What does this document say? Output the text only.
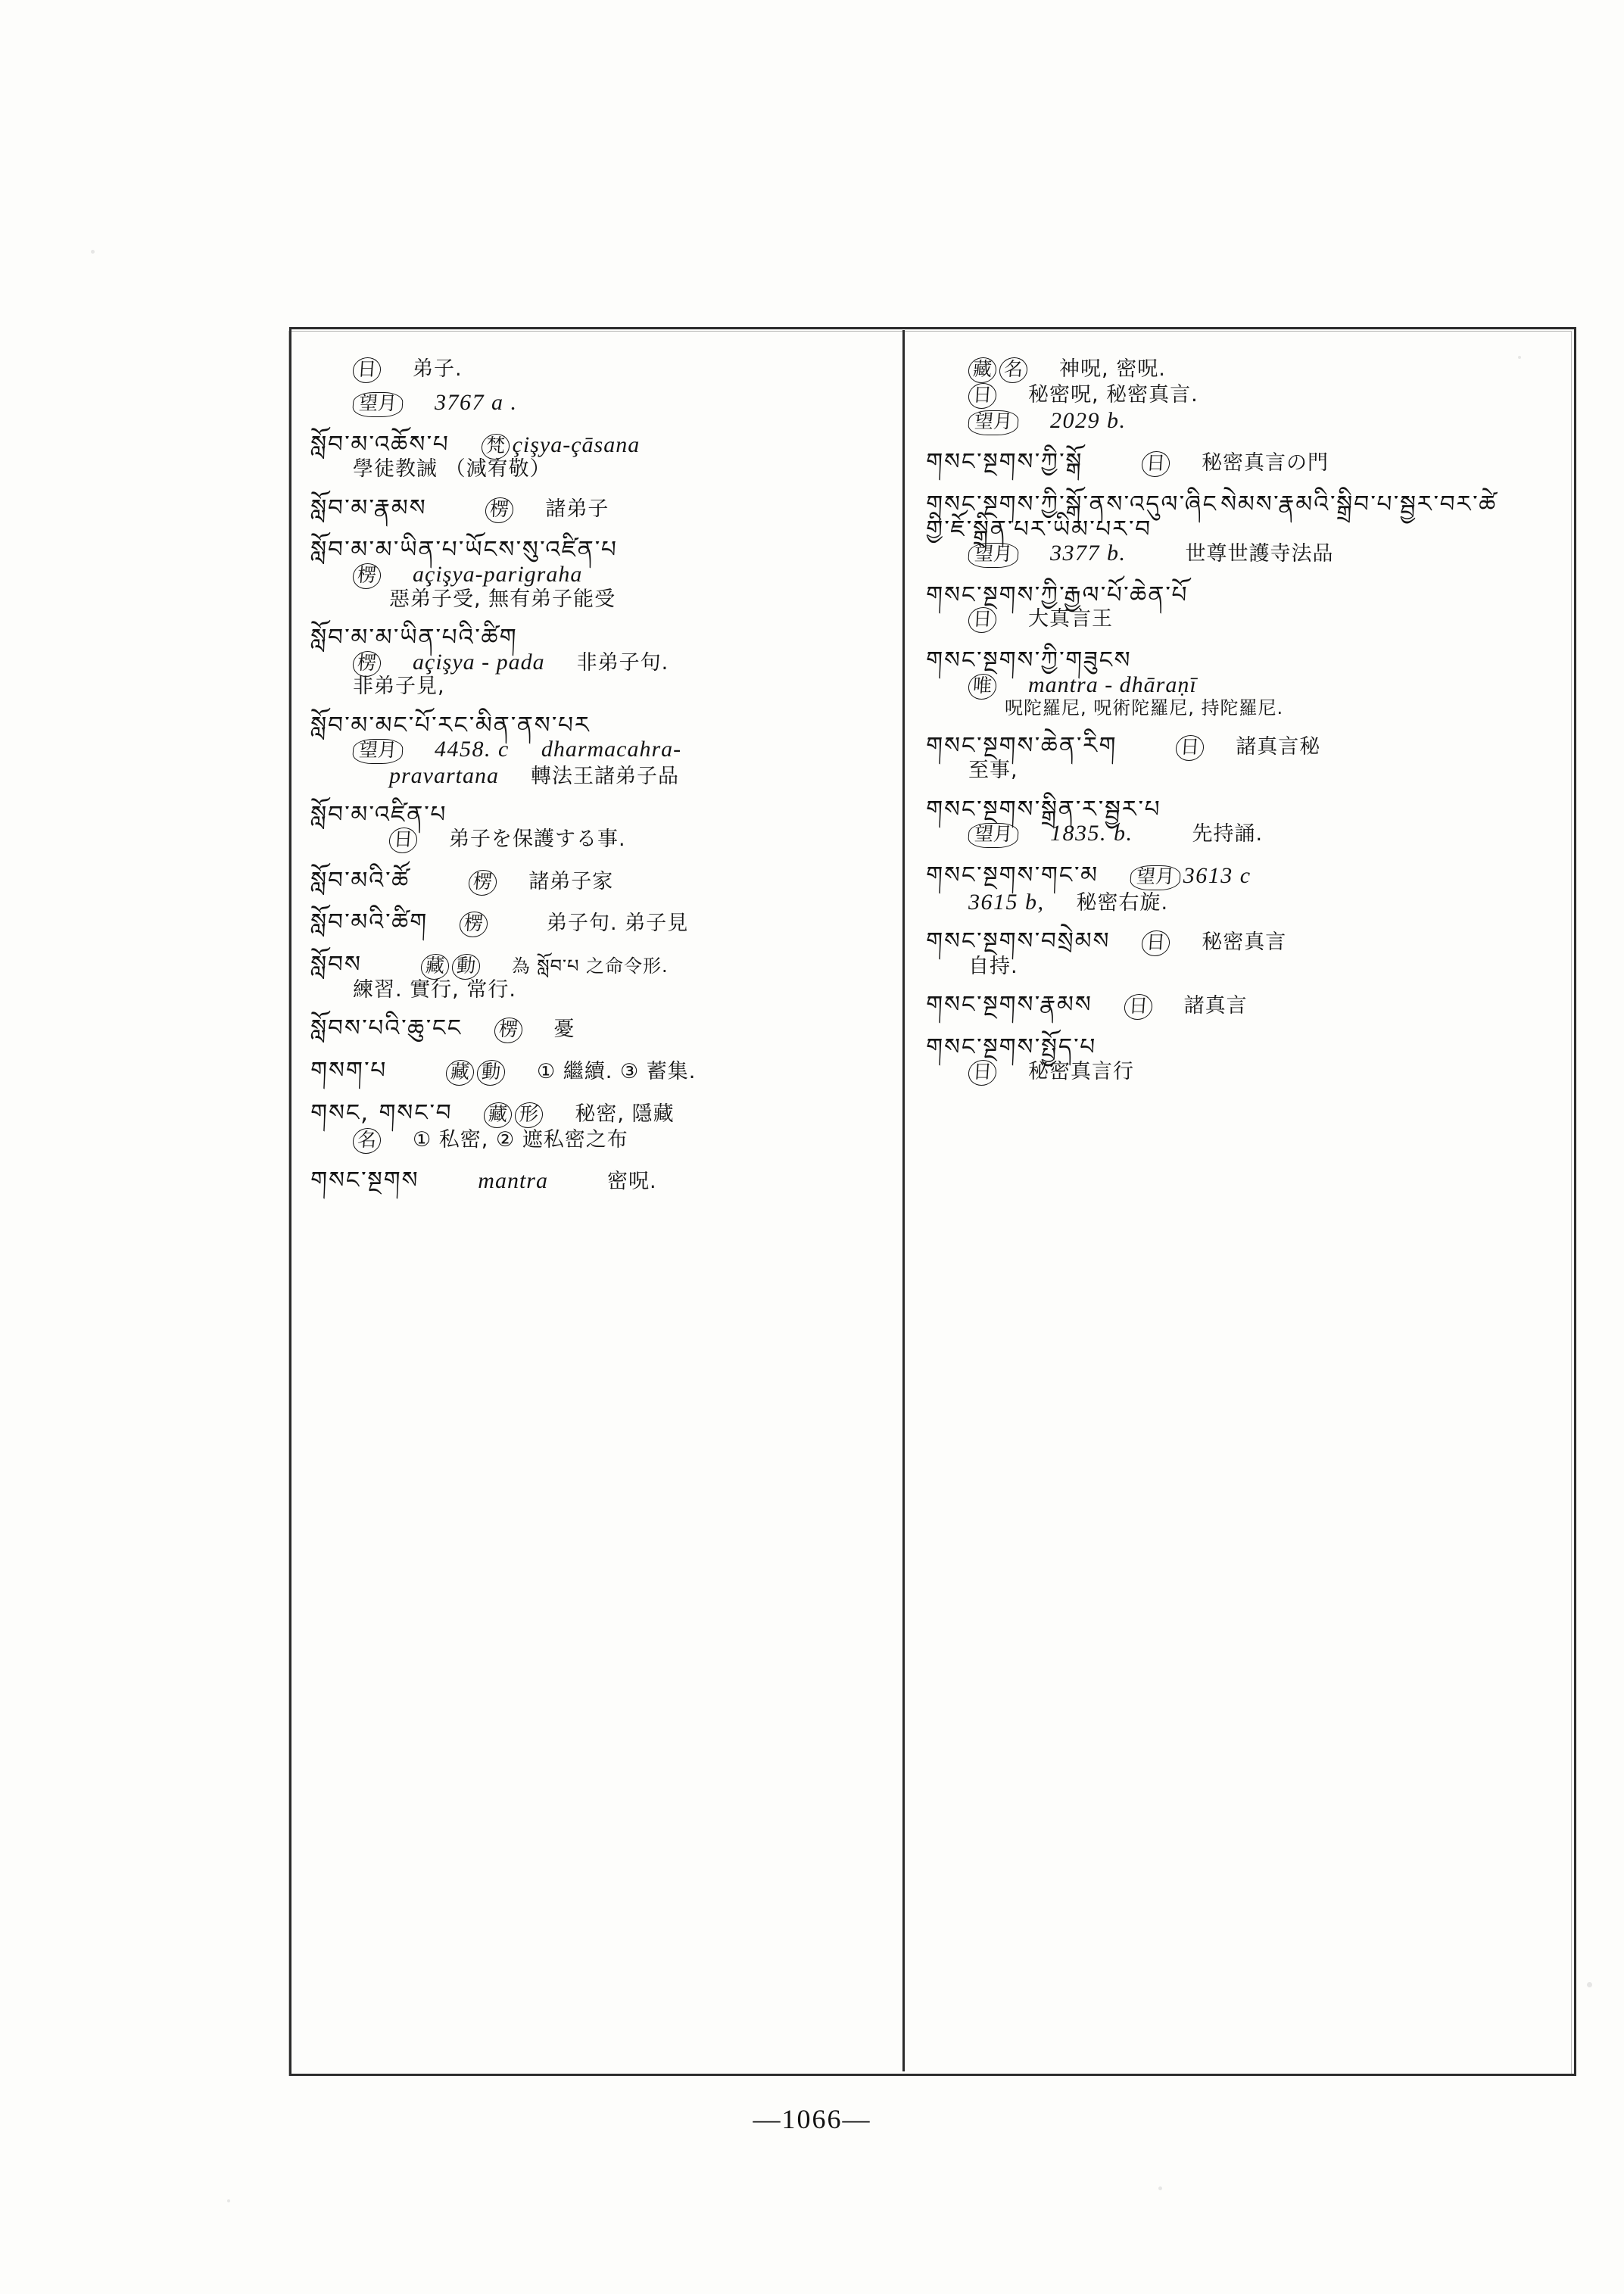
日 弟子.
望月 3767 a .
སློབ་མ་འཆོས་པ 梵 çişya-çāsana
學徒教誡 （減宥敬）
སློབ་མ་རྣམས	楞 諸弟子
སློབ་མ་མ་ཡིན་པ་ཡོངས་སུ་འཛིན་པ
楞 açişya-parigraha
惡弟子受, 無有弟子能受
སློབ་མ་མ་ཡིན་པའི་ཚིག
楞 açişya - pada 非弟子句.
非弟子見,
སློབ་མ་མང་པོ་རང་མིན་ནས་པར
望月 4458. c dharmacahra-
pravartana 轉法王諸弟子品
སློབ་མ་འཛིན་པ
日 弟子を保護する事.
སློབ་མའི་ཚོ	楞 諸弟子家
སློབ་མའི་ཚིག 楞	弟子句. 弟子見
སློབས	藏 動 為 སློབ་པ 之命令形.
練習. 實行, 常行.
སློབས་པའི་ཆུ་ངང 楞 憂
གསག་པ	藏 動 ① 繼續. ③ 蓄集.
གསང, གསང་བ 藏 形 秘密, 隱藏
名 ① 私密, ② 遮私密之布
གསང་སྔགས	mantra	密呪.
藏 名 神呪, 密呪.
日 秘密呪, 秘密真言.
望月 2029 b.
གསང་སྔགས་ཀྱི་སྒོ	日 秘密真言の門
གསང་སྔགས་ཀྱི་སྒོ་ནས་འདུལ་ཞིང སེམས་རྣམའི་སྒྲིབ་པ་སྦྱར་བར་ཚེ གྱི་ཇོ་སྒྲིན་པར་ཡིམ་པར་བ
望月 3377 b.	世尊世護寺法品
གསང་སྔགས་ཀྱི་རྒྱལ་པོ་ཆེན་པོ
日 大真言王
གསང་སྔགས་ཀྱི་གཟུངས
唯 mantra - dhāraṇī
呪陀羅尼, 呪術陀羅尼, 持陀羅尼.
གསང་སྔགས་ཆེན་རིག	日 諸真言秘
至事,
གསང་སྔགས་སྒྲིན་ར་སྦྱར་པ
望月 1835. b.	先持誦.
གསང་སྔགས་གང་མ 望月 3613 c
3615 b, 秘密右旋.
གསང་སྔགས་བསྲེམས 日 秘密真言
自持.
གསང་སྔགས་རྣམས 日 諸真言
གསང་སྔགས་སྤྱོད་པ
日 秘密真言行
—1066—
